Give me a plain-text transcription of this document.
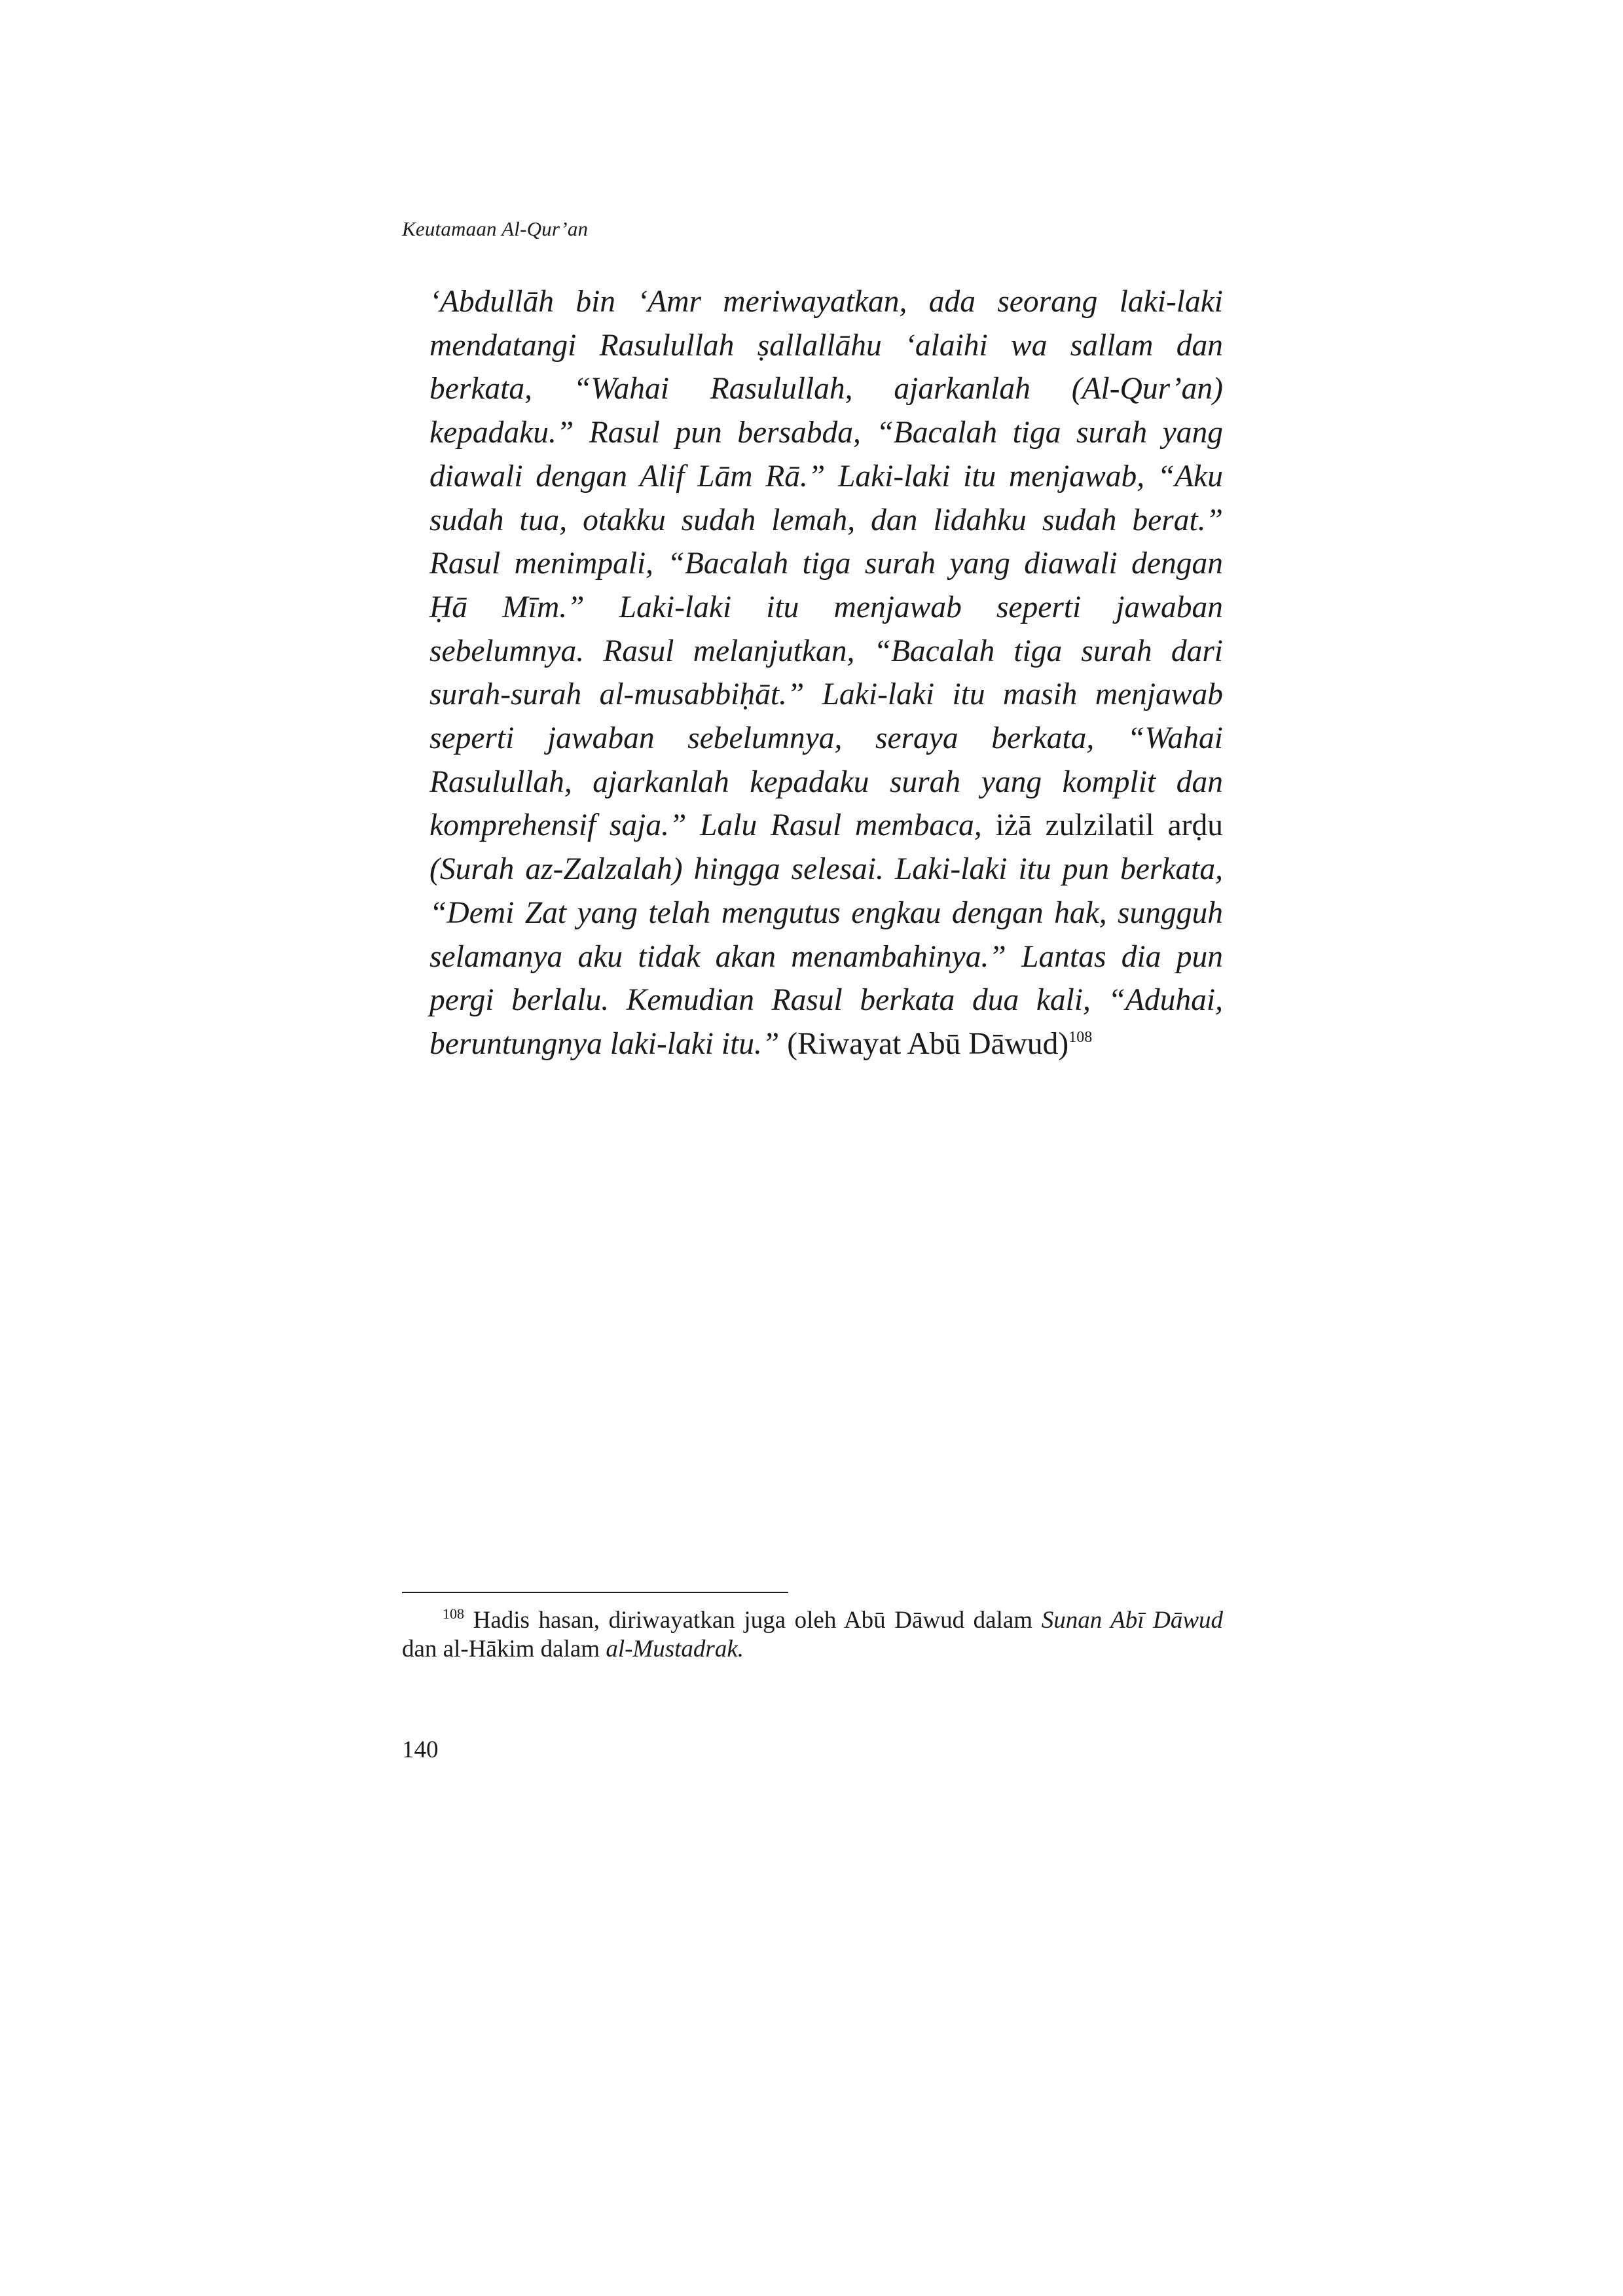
Keutamaan Al-Qur’an

‘Abdullāh bin ‘Amr meriwayatkan, ada seorang laki-laki mendatangi Rasulullah ṣallallāhu ‘alaihi wa sallam dan berkata, “Wahai Rasulullah, ajarkanlah (Al-Qur’an) kepadaku.” Rasul pun bersabda, “Bacalah tiga surah yang diawali dengan Alif Lām Rā.” Laki-laki itu menjawab, “Aku sudah tua, otakku sudah lemah, dan lidahku sudah berat.” Rasul menimpali, “Bacalah tiga surah yang diawali dengan Ḥā Mīm.” Laki-laki itu menjawab seperti jawaban sebelumnya. Rasul melanjutkan, “Bacalah tiga surah dari surah-surah al-musabbiḥāt.” Laki-laki itu masih menjawab seperti jawaban sebelumnya, seraya berkata, “Wahai Rasulullah, ajarkanlah kepadaku surah yang komplit dan komprehensif saja.” Lalu Rasul membaca, iżā zulzilatil arḍu (Surah az-Zalzalah) hingga selesai. Laki-laki itu pun berkata, “Demi Zat yang telah mengutus engkau dengan hak, sungguh selamanya aku tidak akan menambahinya.” Lantas dia pun pergi berlalu. Kemudian Rasul berkata dua kali, “Aduhai, beruntungnya laki-laki itu.” (Riwayat Abū Dāwud)$^{108}$

$^{108}$ Hadis hasan, diriwayatkan juga oleh Abū Dāwud dalam Sunan Abī Dāwud dan al-Hākim dalam al-Mustadrak.

140
